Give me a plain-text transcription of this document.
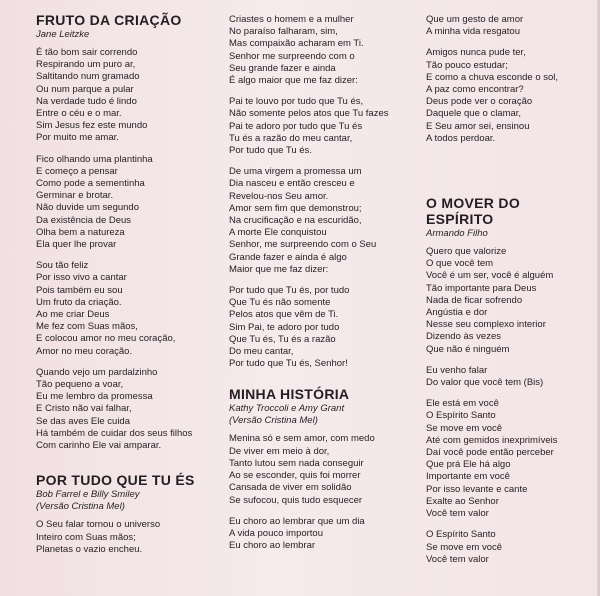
FRUTO DA CRIAÇÃO
Jane Leitzke
É tão bom sair correndo
Respirando um puro ar,
Saltitando num gramado
Ou num parque a pular
Na verdade tudo é lindo
Entre o céu e o mar.
Sim Jesus fez este mundo
Por muito me amar.
Fico olhando uma plantinha
E começo a pensar
Como pode a sementinha
Germinar e brotar.
Não duvide um segundo
Da existência de Deus
Olha bem a natureza
Ela quer lhe provar
Sou tão feliz
Por isso vivo a cantar
Pois também eu sou
Um fruto da criação.
Ao me criar Deus
Me fez com Suas mãos,
E colocou amor no meu coração,
Amor no meu coração.
Quando vejo um pardalzinho
Tão pequeno a voar,
Eu me lembro da promessa
E Cristo não vai falhar,
Se das aves Ele cuida
Há também de cuidar dos seus filhos
Com carinho Ele vai amparar.
POR TUDO QUE TU ÉS
Bob Farrel e Billy Smiley
(Versão Cristina Mel)
O Seu falar tornou o universo
Inteiro com Suas mãos;
Planetas o vazio encheu.
Criastes o homem e a mulher
No paraíso falharam, sim,
Mas compaixão acharam em Ti.
Senhor me surpreendo com o
Seu grande fazer e ainda
É algo maior que me faz dizer:
Pai te louvo por tudo que Tu és,
Não somente pelos atos que Tu fazes
Pai te adoro por tudo que Tu és
Tu és a razão do meu cantar,
Por tudo que Tu és.
De uma virgem a promessa um
Dia nasceu e então cresceu e
Revelou-nos Seu amor.
Amor sem fim que demonstrou;
Na crucificação e na escuridão,
A morte Ele conquistou
Senhor, me surpreendo com o Seu
Grande fazer e ainda é algo
Maior que me faz dizer:
Por tudo que Tu és, por tudo
Que Tu és não somente
Pelos atos que vêm de Ti.
Sim Pai, te adoro por tudo
Que Tu és, Tu és a razão
Do meu cantar,
Por tudo que Tu és, Senhor!
MINHA HISTÓRIA
Kathy Troccoli e Amy Grant
(Versão Cristina Mel)
Menina só e sem amor, com medo
De viver em meio à dor,
Tanto lutou sem nada conseguir
Ao se esconder, quis foi morrer
Cansada de viver em solidão
Se sufocou, quis tudo esquecer
Eu choro ao lembrar que um dia
A vida pouco importou
Eu choro ao lembrar
Que um gesto de amor
A minha vida resgatou
Amigos nunca pude ter,
Tão pouco estudar;
E como a chuva esconde o sol,
A paz como encontrar?
Deus pode ver o coração
Daquele que o clamar,
E Seu amor sei, ensinou
A todos perdoar.
O MOVER DO ESPÍRITO
Armando Filho
Quero que valorize
O que você tem
Você é um ser, você é alguém
Tão importante para Deus
Nada de ficar sofrendo
Angústia e dor
Nesse seu complexo interior
Dizendo às vezes
Que não é ninguém
Eu venho falar
Do valor que você tem (Bis)
Ele está em você
O Espírito Santo
Se move em você
Até com gemidos inexprimíveis
Daí você pode então perceber
Que prá Ele há algo
Importante em você
Por isso levante e cante
Exalte ao Senhor
Você tem valor
O Espírito Santo
Se move em você
Você tem valor
